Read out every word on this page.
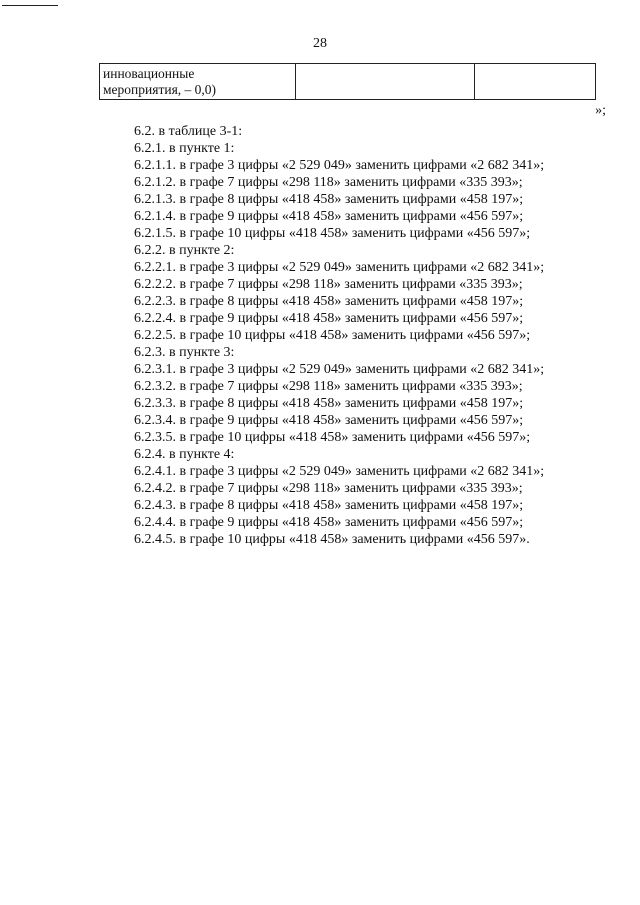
28
инновационные
мероприятия, – 0,0)

»;
6.2. в таблице 3-1:
6.2.1. в пункте 1:
6.2.1.1. в графе 3 цифры «2 529 049» заменить цифрами «2 682 341»;
6.2.1.2. в графе 7 цифры «298 118» заменить цифрами «335 393»;
6.2.1.3. в графе 8 цифры «418 458» заменить цифрами «458 197»;
6.2.1.4. в графе 9 цифры «418 458» заменить цифрами «456 597»;
6.2.1.5. в графе 10 цифры «418 458» заменить цифрами «456 597»;
6.2.2. в пункте 2:
6.2.2.1. в графе 3 цифры «2 529 049» заменить цифрами «2 682 341»;
6.2.2.2. в графе 7 цифры «298 118» заменить цифрами «335 393»;
6.2.2.3. в графе 8 цифры «418 458» заменить цифрами «458 197»;
6.2.2.4. в графе 9 цифры «418 458» заменить цифрами «456 597»;
6.2.2.5. в графе 10 цифры «418 458» заменить цифрами «456 597»;
6.2.3. в пункте 3:
6.2.3.1. в графе 3 цифры «2 529 049» заменить цифрами «2 682 341»;
6.2.3.2. в графе 7 цифры «298 118» заменить цифрами «335 393»;
6.2.3.3. в графе 8 цифры «418 458» заменить цифрами «458 197»;
6.2.3.4. в графе 9 цифры «418 458» заменить цифрами «456 597»;
6.2.3.5. в графе 10 цифры «418 458» заменить цифрами «456 597»;
6.2.4. в пункте 4:
6.2.4.1. в графе 3 цифры «2 529 049» заменить цифрами «2 682 341»;
6.2.4.2. в графе 7 цифры «298 118» заменить цифрами «335 393»;
6.2.4.3. в графе 8 цифры «418 458» заменить цифрами «458 197»;
6.2.4.4. в графе 9 цифры «418 458» заменить цифрами «456 597»;
6.2.4.5. в графе 10 цифры «418 458» заменить цифрами «456 597».
